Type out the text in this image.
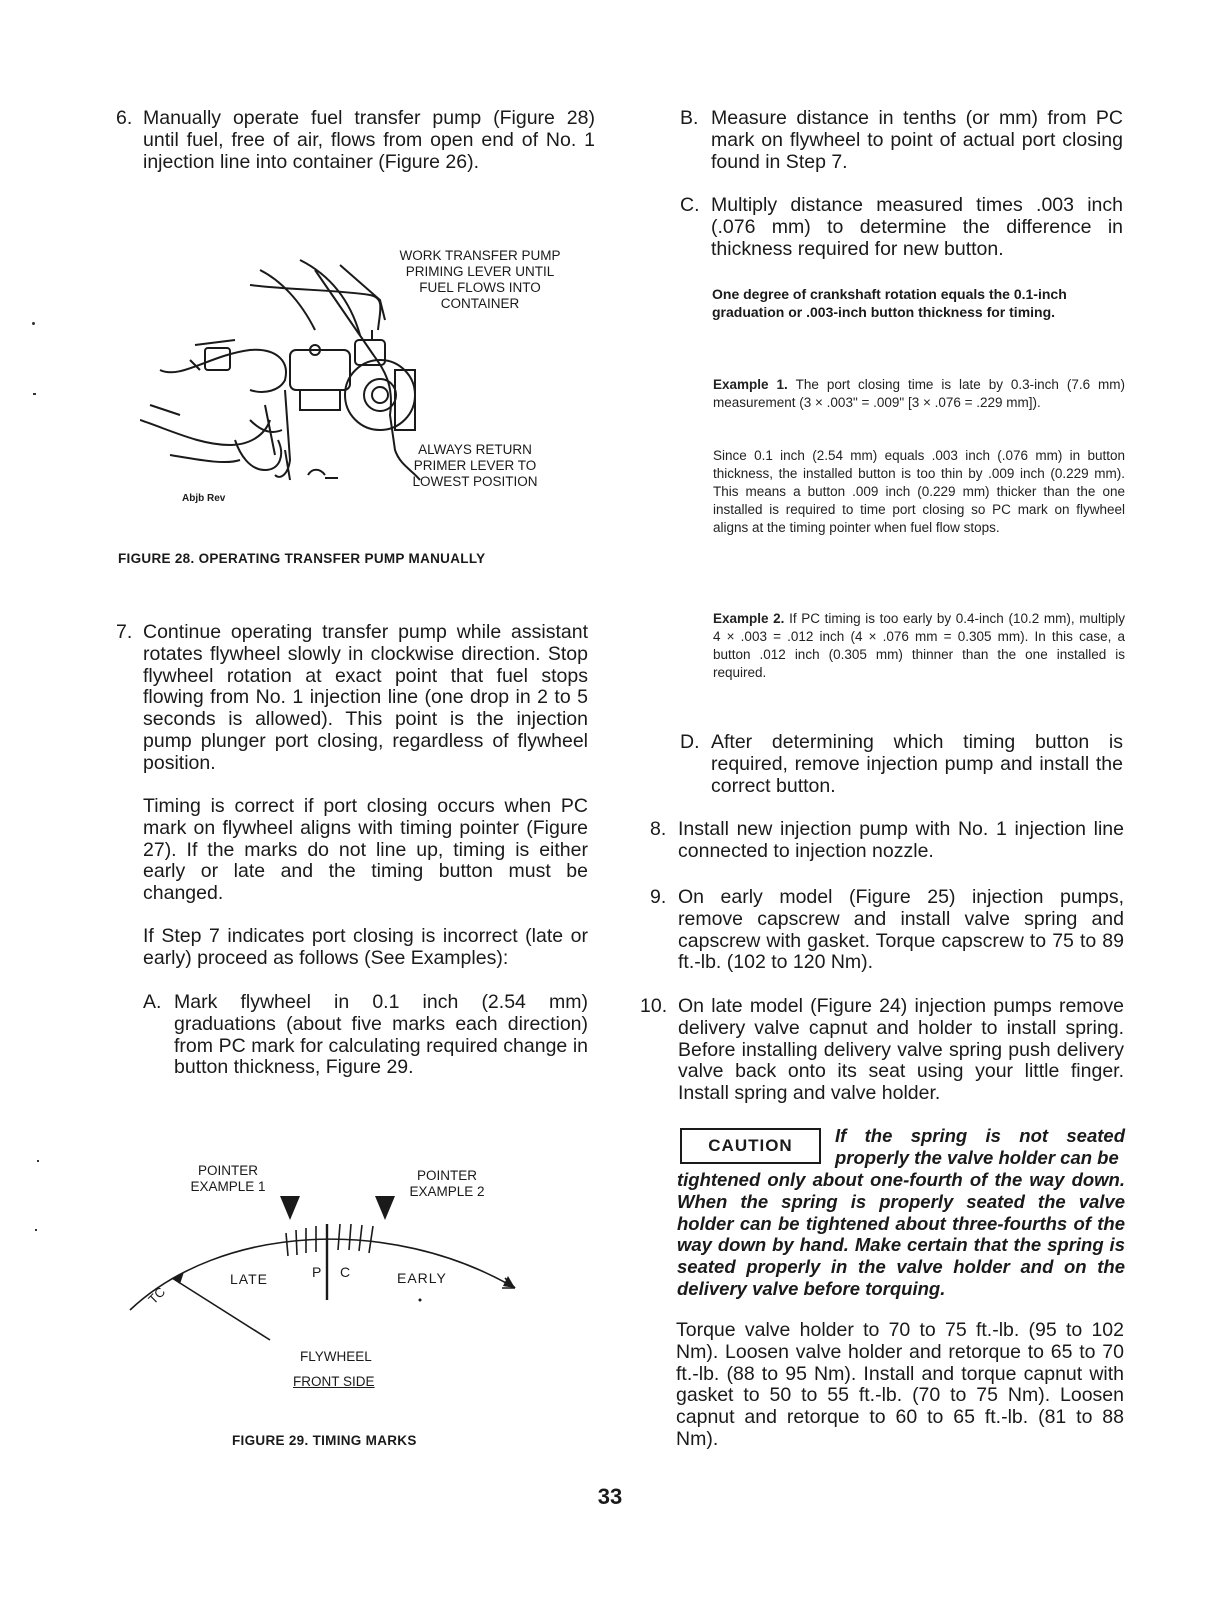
6. Manually operate fuel transfer pump (Figure 28) until fuel, free of air, flows from open end of No. 1 injection line into container (Figure 26).
WORK TRANSFER PUMP PRIMING LEVER UNTIL FUEL FLOWS INTO CONTAINER
ALWAYS RETURN PRIMER LEVER TO LOWEST POSITION
Abjb Rev
FIGURE 28. OPERATING TRANSFER PUMP MANUALLY
7. Continue operating transfer pump while assistant rotates flywheel slowly in clockwise direction. Stop flywheel rotation at exact point that fuel stops flowing from No. 1 injection line (one drop in 2 to 5 seconds is allowed). This point is the injection pump plunger port closing, regardless of flywheel position.
Timing is correct if port closing occurs when PC mark on flywheel aligns with timing pointer (Figure 27). If the marks do not line up, timing is either early or late and the timing button must be changed.
If Step 7 indicates port closing is incorrect (late or early) proceed as follows (See Examples):
A. Mark flywheel in 0.1 inch (2.54 mm) graduations (about five marks each direction) from PC mark for calculating required change in button thickness, Figure 29.
POINTER
EXAMPLE 1
POINTER
EXAMPLE 2
LATE	P C	EARLY
TC
FLYWHEEL
FRONT SIDE
FIGURE 29. TIMING MARKS
B. Measure distance in tenths (or mm) from PC mark on flywheel to point of actual port closing found in Step 7.
C. Multiply distance measured times .003 inch (.076 mm) to determine the difference in thickness required for new button.
One degree of crankshaft rotation equals the 0.1-inch graduation or .003-inch button thickness for timing.
Example 1. The port closing time is late by 0.3-inch (7.6 mm) measurement (3 × .003" = .009" [3 × .076 = .229 mm]).
Since 0.1 inch (2.54 mm) equals .003 inch (.076 mm) in button thickness, the installed button is too thin by .009 inch (0.229 mm). This means a button .009 inch (0.229 mm) thicker than the one installed is required to time port closing so PC mark on flywheel aligns at the timing pointer when fuel flow stops.
Example 2. If PC timing is too early by 0.4-inch (10.2 mm), multiply 4 × .003 = .012 inch (4 × .076 mm = 0.305 mm). In this case, a button .012 inch (0.305 mm) thinner than the one installed is required.
D. After determining which timing button is required, remove injection pump and install the correct button.
8. Install new injection pump with No. 1 injection line connected to injection nozzle.
9. On early model (Figure 25) injection pumps, remove capscrew and install valve spring and capscrew with gasket. Torque capscrew to 75 to 89 ft.-lb. (102 to 120 Nm).
10. On late model (Figure 24) injection pumps remove delivery valve capnut and holder to install spring. Before installing delivery valve spring push delivery valve back onto its seat using your little finger. Install spring and valve holder.
CAUTION	If the spring is not seated properly the valve holder can be
tightened only about one-fourth of the way down. When the spring is properly seated the valve holder can be tightened about three-fourths of the way down by hand. Make certain that the spring is seated properly in the valve holder and on the delivery valve before torquing.
Torque valve holder to 70 to 75 ft.-lb. (95 to 102 Nm). Loosen valve holder and retorque to 65 to 70 ft.-lb. (88 to 95 Nm). Install and torque capnut with gasket to 50 to 55 ft.-lb. (70 to 75 Nm). Loosen capnut and retorque to 60 to 65 ft.-lb. (81 to 88 Nm).
33
